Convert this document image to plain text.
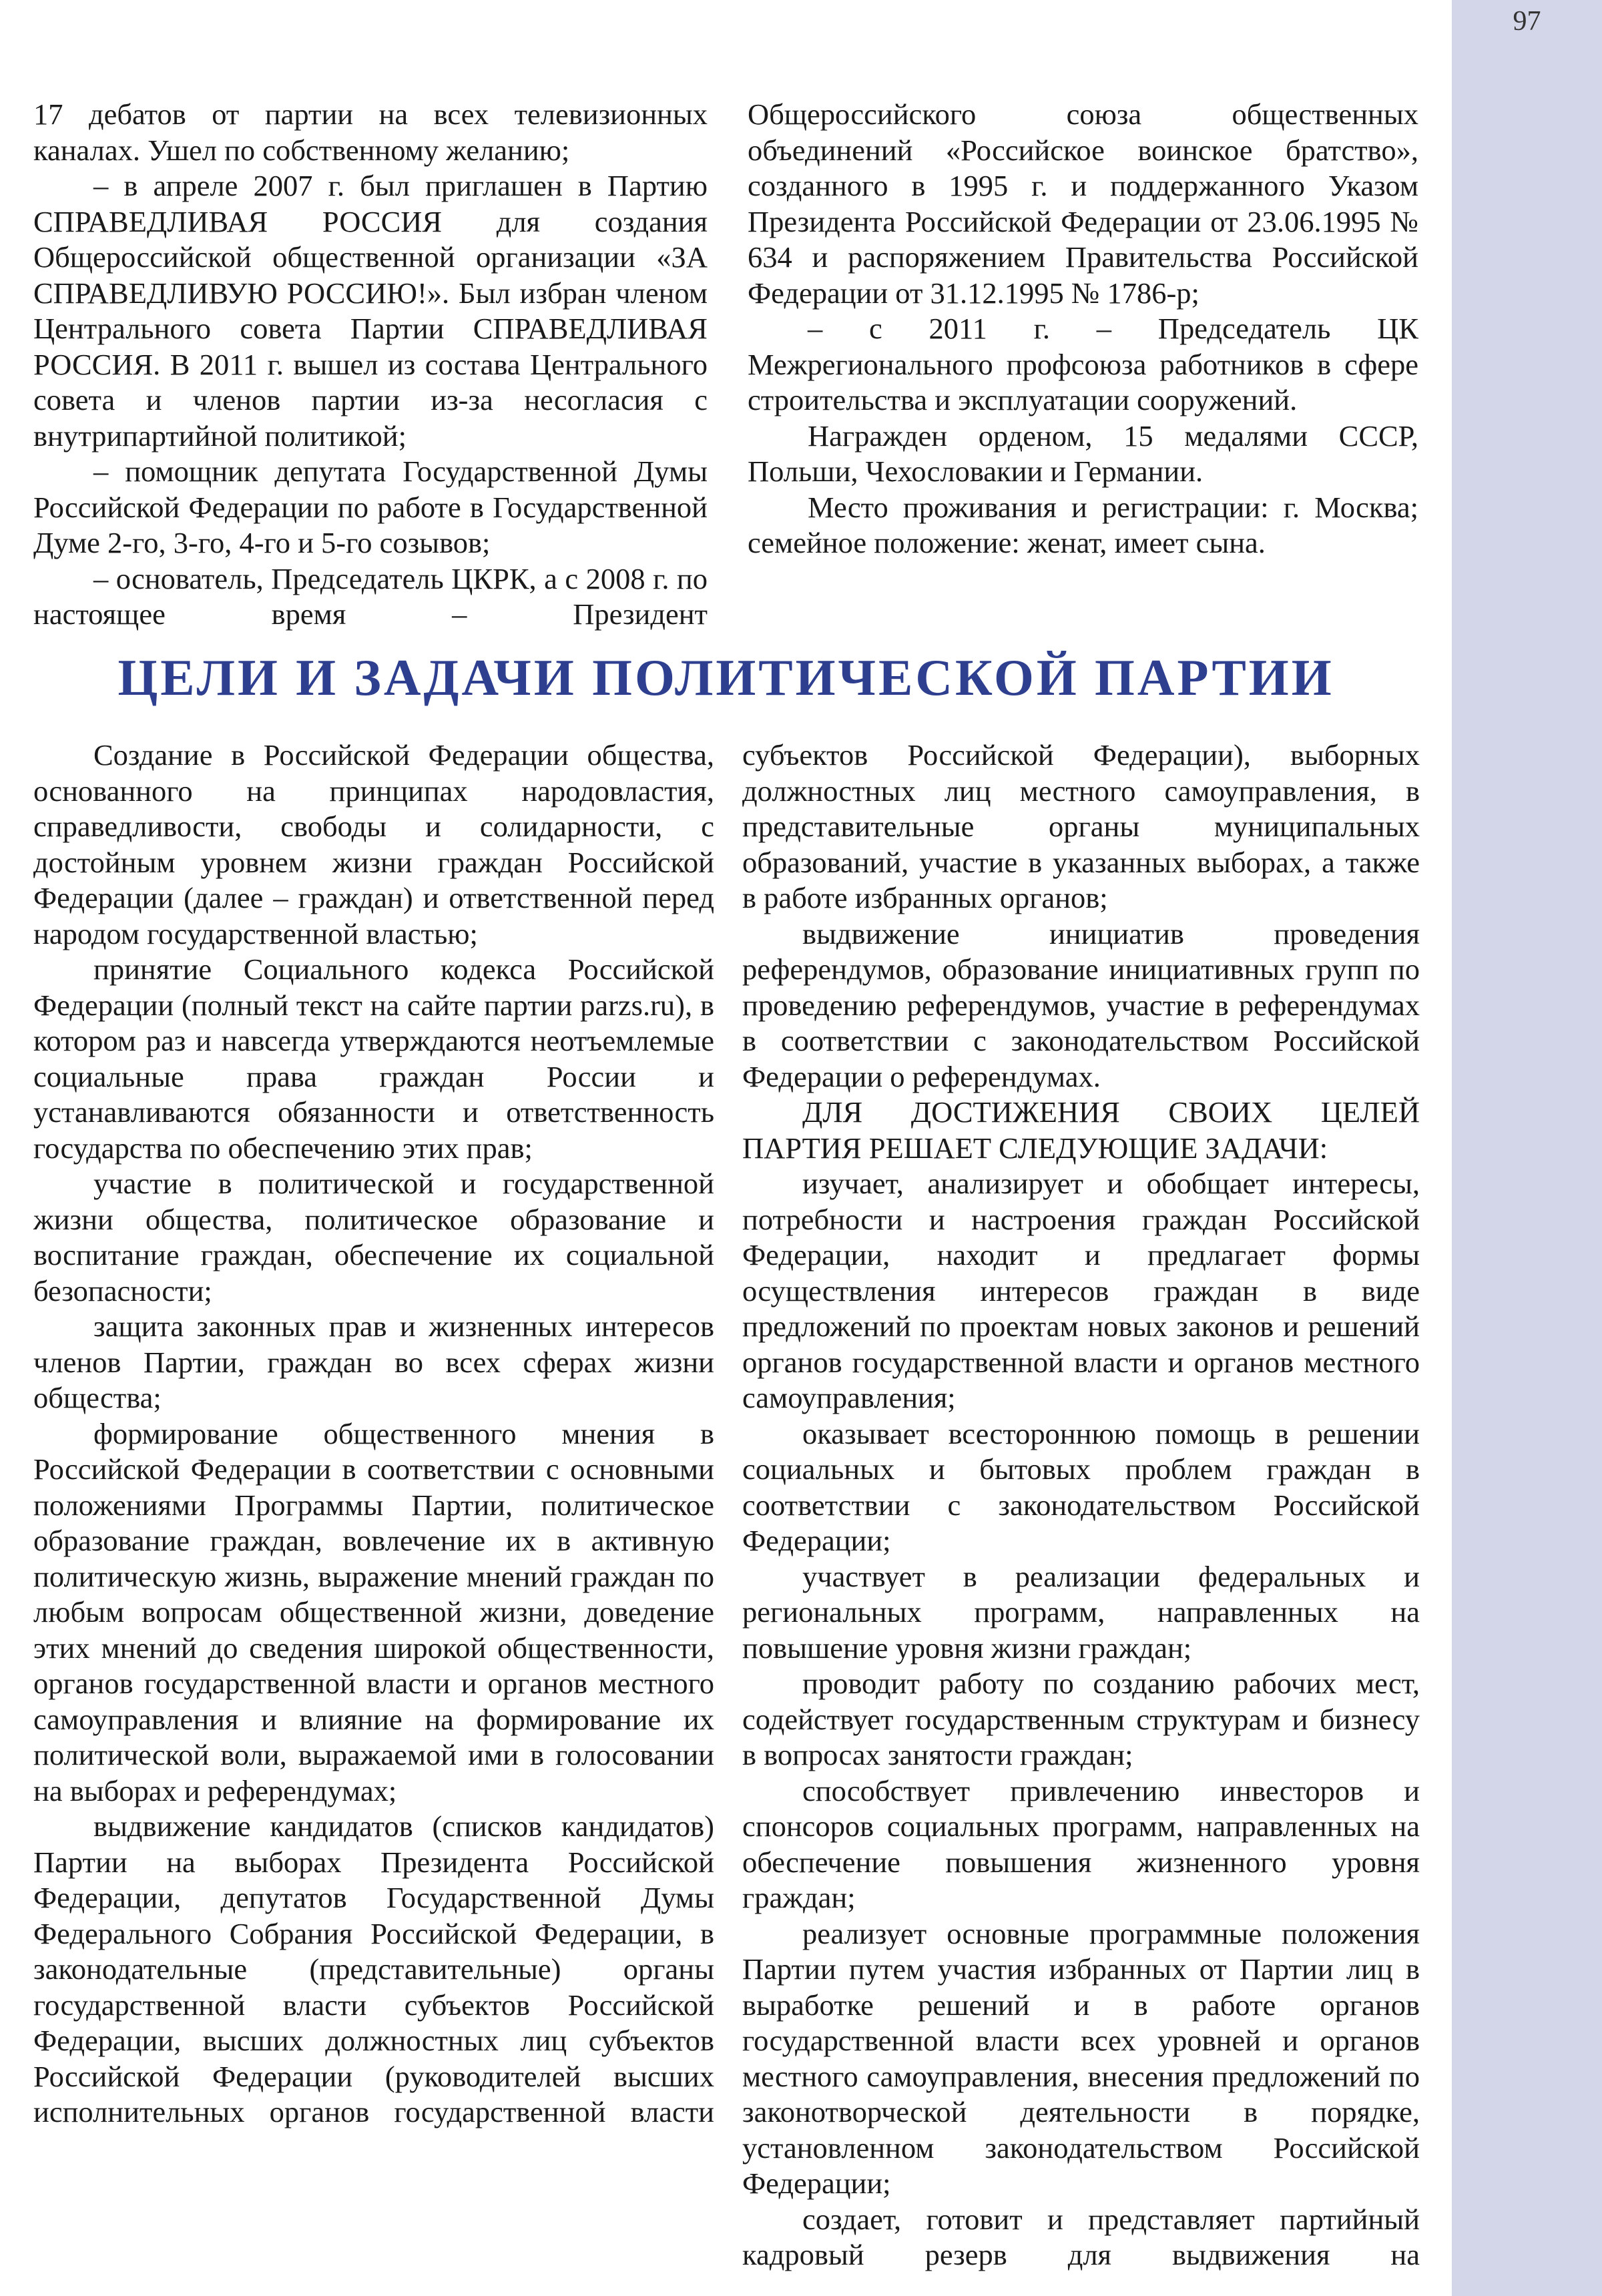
97

17 дебатов от партии на всех телевизионных каналах. Ушел по собственному желанию;

– в апреле 2007 г. был приглашен в Партию СПРАВЕДЛИВАЯ РОССИЯ для создания Общероссийской общественной организации «ЗА СПРАВЕДЛИВУЮ РОССИЮ!». Был избран членом Центрального совета Партии СПРАВЕДЛИВАЯ РОССИЯ. В 2011 г. вышел из состава Центрального совета и членов партии из-за несогласия с внутрипартийной политикой;

– помощник депутата Государственной Думы Российской Федерации по работе в Государственной Думе 2-го, 3-го, 4-го и 5-го созывов;

– основатель, Председатель ЦКРК, а с 2008 г. по настоящее время – Президент

Общероссийского союза общественных объединений «Российское воинское братство», созданного в 1995 г. и поддержанного Указом Президента Российской Федерации от 23.06.1995 № 634 и распоряжением Правительства Российской Федерации от 31.12.1995 № 1786-р;

– с 2011 г. – Председатель ЦК Межрегионального профсоюза работников в сфере строительства и эксплуатации сооружений.

Награжден орденом, 15 медалями СССР, Польши, Чехословакии и Германии.

Место проживания и регистрации: г. Москва; семейное положение: женат, имеет сына.

ЦЕЛИ И ЗАДАЧИ ПОЛИТИЧЕСКОЙ ПАРТИИ

Создание в Российской Федерации общества, основанного на принципах народовластия, справедливости, свободы и солидарности, с достойным уровнем жизни граждан Российской Федерации (далее – граждан) и ответственной перед народом государственной властью;

принятие Социального кодекса Российской Федерации (полный текст на сайте партии parzs.ru), в котором раз и навсегда утверждаются неотъемлемые социальные права граждан России и устанавливаются обязанности и ответственность государства по обеспечению этих прав;

участие в политической и государственной жизни общества, политическое образование и воспитание граждан, обеспечение их социальной безопасности;

защита законных прав и жизненных интересов членов Партии, граждан во всех сферах жизни общества;

формирование общественного мнения в Российской Федерации в соответствии с основными положениями Программы Партии, политическое образование граждан, вовлечение их в активную политическую жизнь, выражение мнений граждан по любым вопросам общественной жизни, доведение этих мнений до сведения широкой общественности, органов государственной власти и органов местного самоуправления и влияние на формирование их политической воли, выражаемой ими в голосовании на выборах и референдумах;

выдвижение кандидатов (списков кандидатов) Партии на выборах Президента Российской Федерации, депутатов Государственной Думы Федерального Собрания Российской Федерации, в законодательные (представительные) органы государственной власти субъектов Российской Федерации, высших должностных лиц субъектов Российской Федерации (руководителей высших исполнительных органов государственной власти

субъектов Российской Федерации), выборных должностных лиц местного самоуправления, в представительные органы муниципальных образований, участие в указанных выборах, а также в работе избранных органов;

выдвижение инициатив проведения референдумов, образование инициативных групп по проведению референдумов, участие в референдумах в соответствии с законодательством Российской Федерации о референдумах.

ДЛЯ ДОСТИЖЕНИЯ СВОИХ ЦЕЛЕЙ ПАРТИЯ РЕШАЕТ СЛЕДУЮЩИЕ ЗАДАЧИ:

изучает, анализирует и обобщает интересы, потребности и настроения граждан Российской Федерации, находит и предлагает формы осуществления интересов граждан в виде предложений по проектам новых законов и решений органов государственной власти и органов местного самоуправления;

оказывает всестороннюю помощь в решении социальных и бытовых проблем граждан в соответствии с законодательством Российской Федерации;

участвует в реализации федеральных и региональных программ, направленных на повышение уровня жизни граждан;

проводит работу по созданию рабочих мест, содействует государственным структурам и бизнесу в вопросах занятости граждан;

способствует привлечению инвесторов и спонсоров социальных программ, направленных на обеспечение повышения жизненного уровня граждан;

реализует основные программные положения Партии путем участия избранных от Партии лиц в выработке решений и в работе органов государственной власти всех уровней и органов местного самоуправления, внесения предложений по законотворческой деятельности в порядке, установленном законодательством Российской Федерации;

создает, готовит и представляет партийный кадровый резерв для выдвижения на
